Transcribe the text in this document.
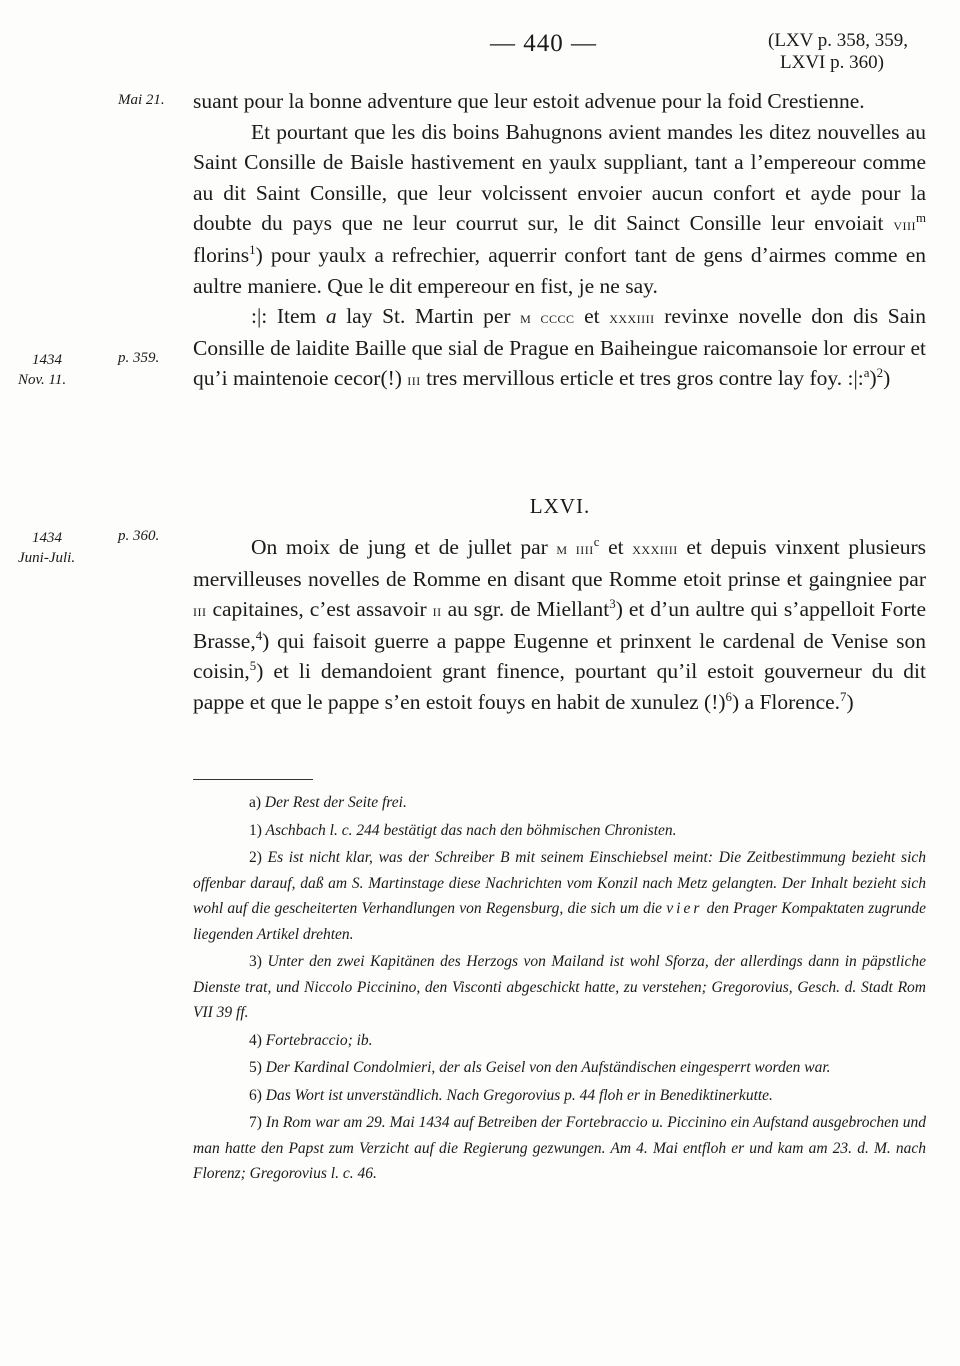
— 440 —	(LXV p. 358, 359,
LXVI p. 360)
Mai 21.
1434
Nov. 11.
p. 359.
1434
Juni-Juli.
p. 360.

suant pour la bonne adventure que leur estoit advenue pour la foid Crestienne.

Et pourtant que les dis boins Bahugnons avient mandes les ditez nouvelles au Saint Consille de Baisle hastivement en yaulx suppliant, tant a l’empereour comme au dit Saint Consille, que leur volcissent envoier aucun confort et ayde pour la doubte du pays que ne leur courrut sur, le dit Sainct Consille leur envoiait viii$^m$ florins$^1$) pour yaulx a refrechier, aquerrir confort tant de gens d’airmes comme en aultre maniere. Que le dit empereour en fist, je ne say.

:|: Item a lay St. Martin per m cccc et xxxiiii revinxe novelle don dis Sain Consille de laidite Baille que sial de Prague en Baiheingue raicomansoie lor errour et qu’i maintenoie cecor(!) iii tres mervillous erticle et tres gros contre lay foy. :|:$^a$)$^2$)

LXVI.

On moix de jung et de jullet par m iiii$^c$ et xxxiiii et depuis vinxent plusieurs mervilleuses novelles de Romme en disant que Romme etoit prinse et gaingniee par iii capitaines, c’est assavoir ii au sgr. de Miellant$^3$) et d’un aultre qui s’appelloit Forte Brasse,$^4$) qui faisoit guerre a pappe Eugenne et prinxent le cardenal de Venise son coisin,$^5$) et li demandoient grant finence, pourtant qu’il estoit gouverneur du dit pappe et que le pappe s’en estoit fouys en habit de xunulez (!)$^6$) a Florence.$^7$)

a) Der Rest der Seite frei.

1) Aschbach l. c. 244 bestätigt das nach den böhmischen Chronisten.

2) Es ist nicht klar, was der Schreiber B mit seinem Einschiebsel meint: Die Zeitbestimmung bezieht sich offenbar darauf, daß am S. Martinstage diese Nachrichten vom Konzil nach Metz gelangten. Der Inhalt bezieht sich wohl auf die gescheiterten Verhandlungen von Regensburg, die sich um die vier den Prager Kompaktaten zugrunde liegenden Artikel drehten.

3) Unter den zwei Kapitänen des Herzogs von Mailand ist wohl Sforza, der allerdings dann in päpstliche Dienste trat, und Niccolo Piccinino, den Visconti abgeschickt hatte, zu verstehen; Gregorovius, Gesch. d. Stadt Rom VII 39 ff.

4) Fortebraccio; ib.

5) Der Kardinal Condolmieri, der als Geisel von den Aufständischen eingesperrt worden war.

6) Das Wort ist unverständlich. Nach Gregorovius p. 44 floh er in Benediktinerkutte.

7) In Rom war am 29. Mai 1434 auf Betreiben der Fortebraccio u. Piccinino ein Aufstand ausgebrochen und man hatte den Papst zum Verzicht auf die Regierung gezwungen. Am 4. Mai entfloh er und kam am 23. d. M. nach Florenz; Gregorovius l. c. 46.
